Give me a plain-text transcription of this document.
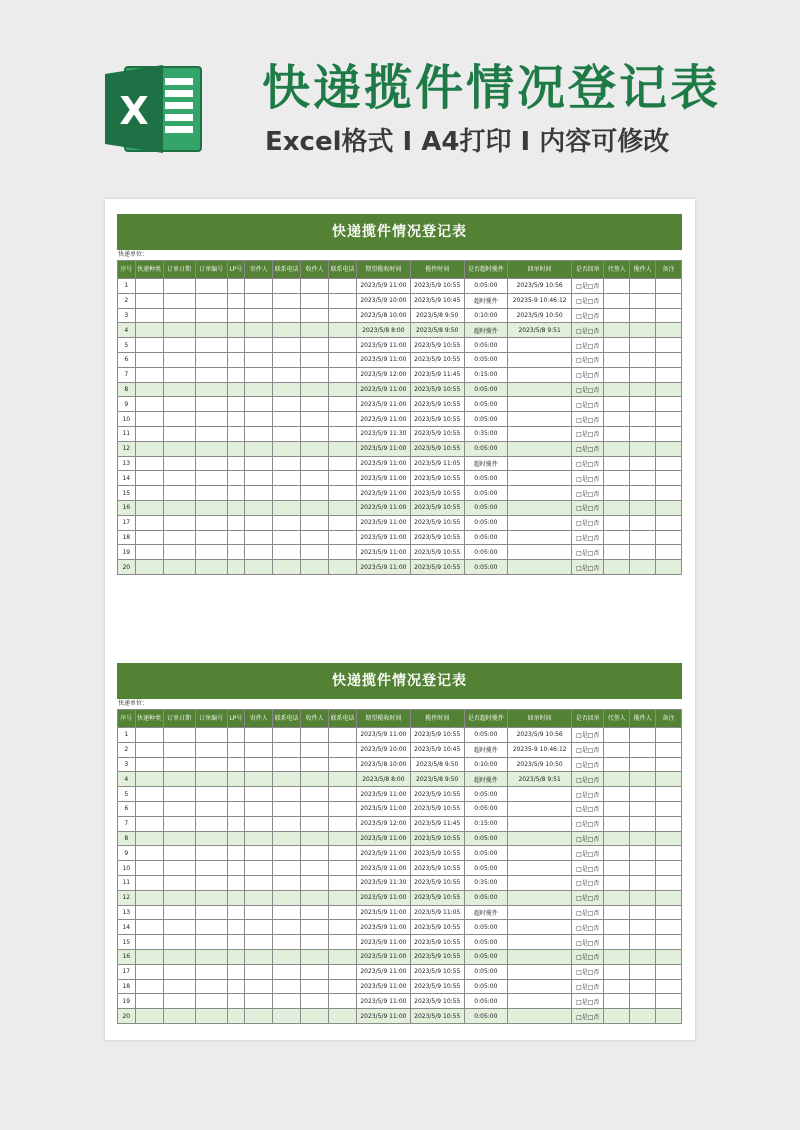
X 快递揽件情况登记表
Excel格式 I A4打印 I 内容可修改
快递揽件情况登记表
快递单位：
序号	快递种类	订单日期	订单编号	LP号	寄件人	联系电话	收件人	联系电话	期望揽收时间	揽件时间	是否超时揽件	回单时间	是否回单	代签人	揽件人	备注
1									2023/5/9 11:00	2023/5/9 10:55	0:05:00	2023/5/9 10:56	□是□否			
2									2023/5/9 10:00	2023/5/9 10:45	超时揽件	20235-9 10:46:12	□是□否			
3									2023/5/8 10:00	2023/5/8 9:50	0:10:00	2023/5/9 10:50	□是□否			
4									2023/5/8 8:00	2023/5/8 9:50	超时揽件	2023/5/8 9:51	□是□否			
5									2023/5/9 11:00	2023/5/9 10:55	0:05:00		□是□否			
6									2023/5/9 11:00	2023/5/9 10:55	0:05:00		□是□否			
7									2023/5/9 12:00	2023/5/9 11:45	0:15:00		□是□否			
8									2023/5/9 11:00	2023/5/9 10:55	0:05:00		□是□否			
9									2023/5/9 11:00	2023/5/9 10:55	0:05:00		□是□否			
10									2023/5/9 11:00	2023/5/9 10:55	0:05:00		□是□否			
11									2023/5/9 11:30	2023/5/9 10:55	0:35:00		□是□否			
12									2023/5/9 11:00	2023/5/9 10:55	0:05:00		□是□否			
13									2023/5/9 11:00	2023/5/9 11:05	超时揽件		□是□否			
14									2023/5/9 11:00	2023/5/9 10:55	0:05:00		□是□否			
15									2023/5/9 11:00	2023/5/9 10:55	0:05:00		□是□否			
16									2023/5/9 11:00	2023/5/9 10:55	0:05:00		□是□否			
17									2023/5/9 11:00	2023/5/9 10:55	0:05:00		□是□否			
18									2023/5/9 11:00	2023/5/9 10:55	0:05:00		□是□否			
19									2023/5/9 11:00	2023/5/9 10:55	0:05:00		□是□否			
20									2023/5/9 11:00	2023/5/9 10:55	0:05:00		□是□否			
快递揽件情况登记表
快递单位：
序号	快递种类	订单日期	订单编号	LP号	寄件人	联系电话	收件人	联系电话	期望揽收时间	揽件时间	是否超时揽件	回单时间	是否回单	代签人	揽件人	备注
1									2023/5/9 11:00	2023/5/9 10:55	0:05:00	2023/5/9 10:56	□是□否			
2									2023/5/9 10:00	2023/5/9 10:45	超时揽件	20235-9 10:46:12	□是□否			
3									2023/5/8 10:00	2023/5/8 9:50	0:10:00	2023/5/9 10:50	□是□否			
4									2023/5/8 8:00	2023/5/8 9:50	超时揽件	2023/5/8 9:51	□是□否			
5									2023/5/9 11:00	2023/5/9 10:55	0:05:00		□是□否			
6									2023/5/9 11:00	2023/5/9 10:55	0:05:00		□是□否			
7									2023/5/9 12:00	2023/5/9 11:45	0:15:00		□是□否			
8									2023/5/9 11:00	2023/5/9 10:55	0:05:00		□是□否			
9									2023/5/9 11:00	2023/5/9 10:55	0:05:00		□是□否			
10									2023/5/9 11:00	2023/5/9 10:55	0:05:00		□是□否			
11									2023/5/9 11:30	2023/5/9 10:55	0:35:00		□是□否			
12									2023/5/9 11:00	2023/5/9 10:55	0:05:00		□是□否			
13									2023/5/9 11:00	2023/5/9 11:05	超时揽件		□是□否			
14									2023/5/9 11:00	2023/5/9 10:55	0:05:00		□是□否			
15									2023/5/9 11:00	2023/5/9 10:55	0:05:00		□是□否			
16									2023/5/9 11:00	2023/5/9 10:55	0:05:00		□是□否			
17									2023/5/9 11:00	2023/5/9 10:55	0:05:00		□是□否			
18									2023/5/9 11:00	2023/5/9 10:55	0:05:00		□是□否			
19									2023/5/9 11:00	2023/5/9 10:55	0:05:00		□是□否			
20									2023/5/9 11:00	2023/5/9 10:55	0:05:00		□是□否			
